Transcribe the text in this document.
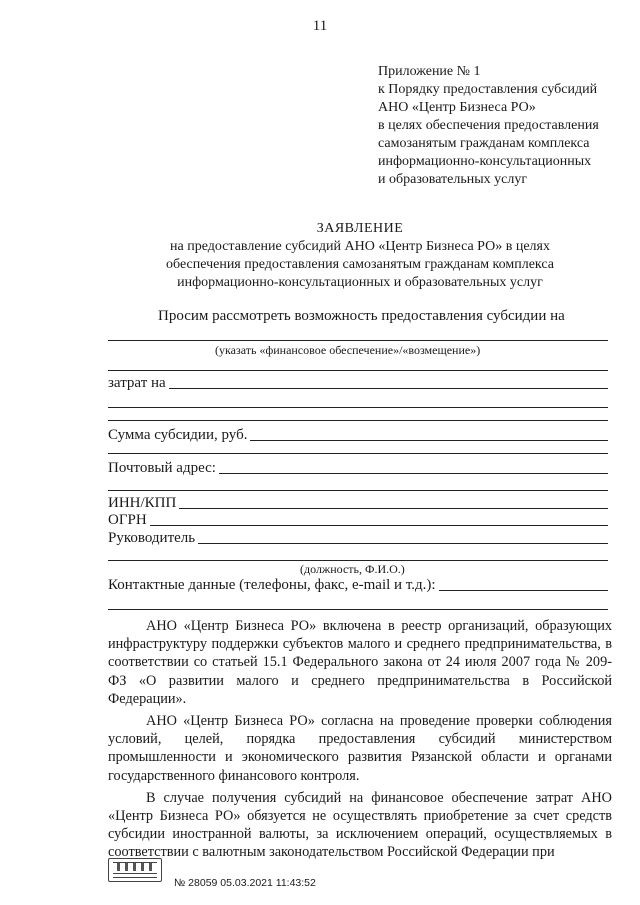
11
Приложение № 1
к Порядку предоставления субсидий
АНО «Центр Бизнеса РО»
в целях обеспечения предоставления
самозанятым гражданам комплекса
информационно-консультационных
и образовательных услуг
ЗАЯВЛЕНИЕ
на предоставление субсидий АНО «Центр Бизнеса РО» в целях
обеспечения предоставления самозанятым гражданам комплекса
информационно-консультационных и образовательных услуг
Просим рассмотреть возможность предоставления субсидии на
(указать «финансовое обеспечение»/«возмещение»)
затрат на
Сумма субсидии, руб.
Почтовый адрес:
ИНН/КПП
ОГРН
Руководитель
(должность, Ф.И.О.)
Контактные данные (телефоны, факс, e-mail и т.д.):

АНО «Центр Бизнеса РО» включена в реестр организаций, образующих инфраструктуру поддержки субъектов малого и среднего предпринимательства, в соответствии со статьей 15.1 Федерального закона от 24 июля 2007 года № 209-ФЗ «О развитии малого и среднего предпринимательства в Российской Федерации».

АНО «Центр Бизнеса РО» согласна на проведение проверки соблюдения условий, целей, порядка предоставления субсидий министерством промышленности и экономического развития Рязанской области и органами государственного финансового контроля.

В случае получения субсидий на финансовое обеспечение затрат АНО «Центр Бизнеса РО» обязуется не осуществлять приобретение за счет средств субсидии иностранной валюты, за исключением операций, осуществляемых в соответствии с валютным законодательством Российской Федерации при

№ 28059 05.03.2021 11:43:52
